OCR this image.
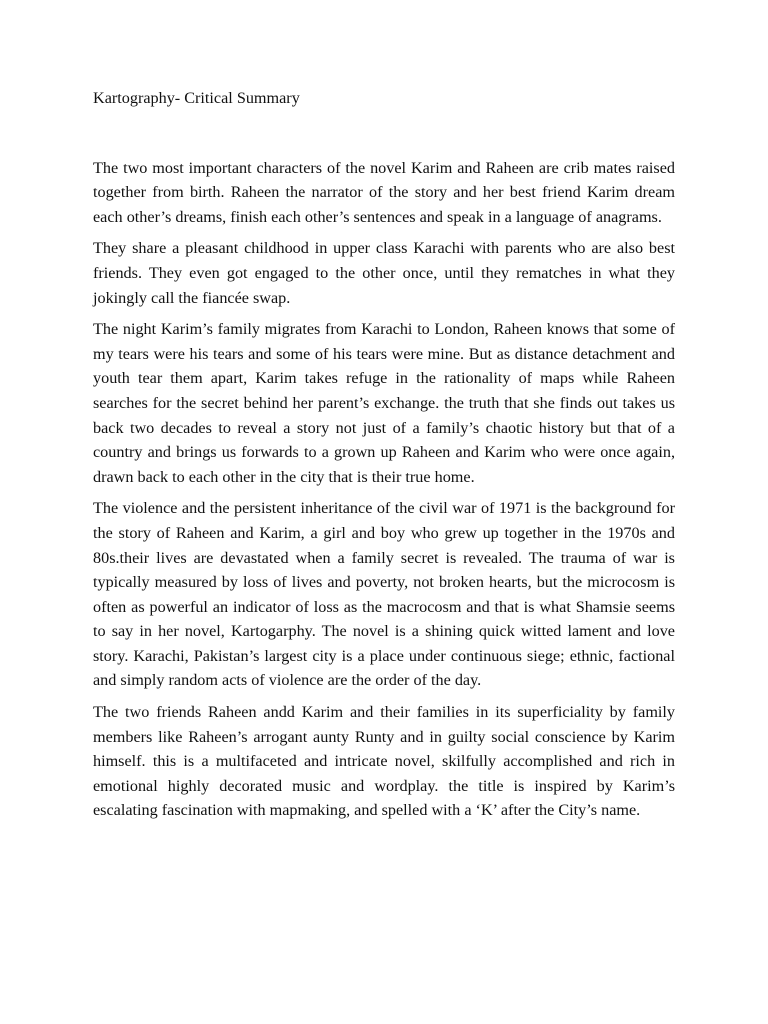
Kartography- Critical Summary

The two most important characters of the novel Karim and Raheen are crib mates raised together from birth. Raheen the narrator of the story and her best friend Karim dream each other’s dreams, finish each other’s sentences and speak in a language of anagrams.

They share a pleasant childhood in upper class Karachi with parents who are also best friends. They even got engaged to the other once, until they rematches in what they jokingly call the fiancée swap.

The night Karim’s family migrates from Karachi to London, Raheen knows that some of my tears were his tears and some of his tears were mine. But as distance detachment and youth tear them apart, Karim takes refuge in the rationality of maps while Raheen searches for the secret behind her parent’s exchange. the truth that she finds out takes us back two decades to reveal a story not just of a family’s chaotic history but that of a country and brings us forwards to a grown up Raheen and Karim who were once again, drawn back to each other in the city that is their true home.

The violence and the persistent inheritance of the civil war of 1971 is the background for the story of Raheen and Karim, a girl and boy who grew up together in the 1970s and 80s.their lives are devastated when a family secret is revealed. The trauma of war is typically measured by loss of lives and poverty, not broken hearts, but the microcosm is often as powerful an indicator of loss as the macrocosm and that is what Shamsie seems to say in her novel, Kartogarphy. The novel is a shining quick witted lament and love story. Karachi, Pakistan’s largest city is a place under continuous siege; ethnic, factional and simply random acts of violence are the order of the day.

The two friends Raheen andd Karim and their families in its superficiality by family members like Raheen’s arrogant aunty Runty and in guilty social conscience by Karim himself. this is a multifaceted and intricate novel, skilfully accomplished and rich in emotional highly decorated music and wordplay. the title is inspired by Karim’s escalating fascination with mapmaking, and spelled with a ‘K’ after the City’s name.
